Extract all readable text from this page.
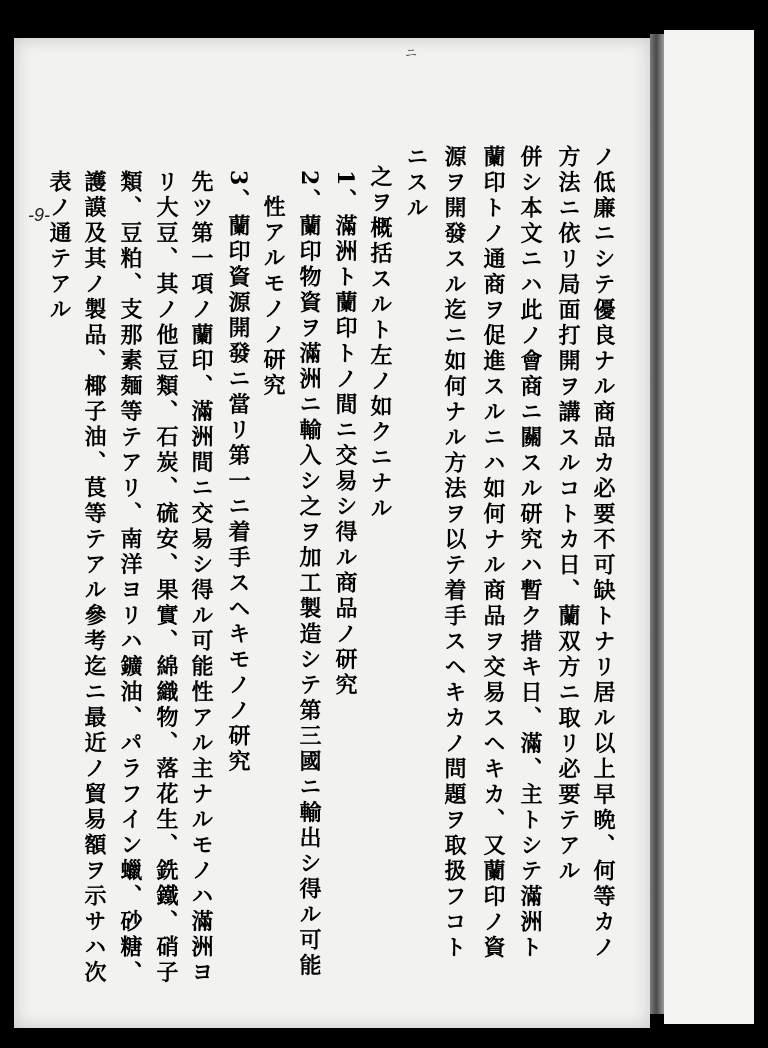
ニ
-9-	ノ低廉ニシテ優良ナル商品カ必要不可缺トナリ居ル以上早晩、何等カノ
方法ニ依リ局面打開ヲ講スルコトカ日、蘭双方ニ取リ必要テアル
併シ本文ニハ此ノ會商ニ關スル研究ハ暫ク措キ日、滿、主トシテ滿洲ト
蘭印トノ通商ヲ促進スルニハ如何ナル商品ヲ交易スヘキカ、又蘭印ノ資
源ヲ開發スル迄ニ如何ナル方法ヲ以テ着手スヘキカノ問題ヲ取扱フコト
ニスル
之ヲ概括スルト左ノ如クニナル
1、滿洲ト蘭印トノ間ニ交易シ得ル商品ノ研究
2、蘭印物資ヲ滿洲ニ輸入シ之ヲ加工製造シテ第三國ニ輸出シ得ル可能
性アルモノノ研究
3、蘭印資源開發ニ當リ第一ニ着手スヘキモノノ研究
先ツ第一項ノ蘭印、滿洲間ニ交易シ得ル可能性アル主ナルモノハ滿洲ヨ
リ大豆、其ノ他豆類、石炭、硫安、果實、綿織物、落花生、銑鐵、硝子
類、豆粕、支那素麺等テアリ、南洋ヨリハ鑛油、パラフイン蠟、砂糖、
護謨及其ノ製品、椰子油、茛等テアル參考迄ニ最近ノ貿易額ヲ示サハ次
表ノ通テアル
